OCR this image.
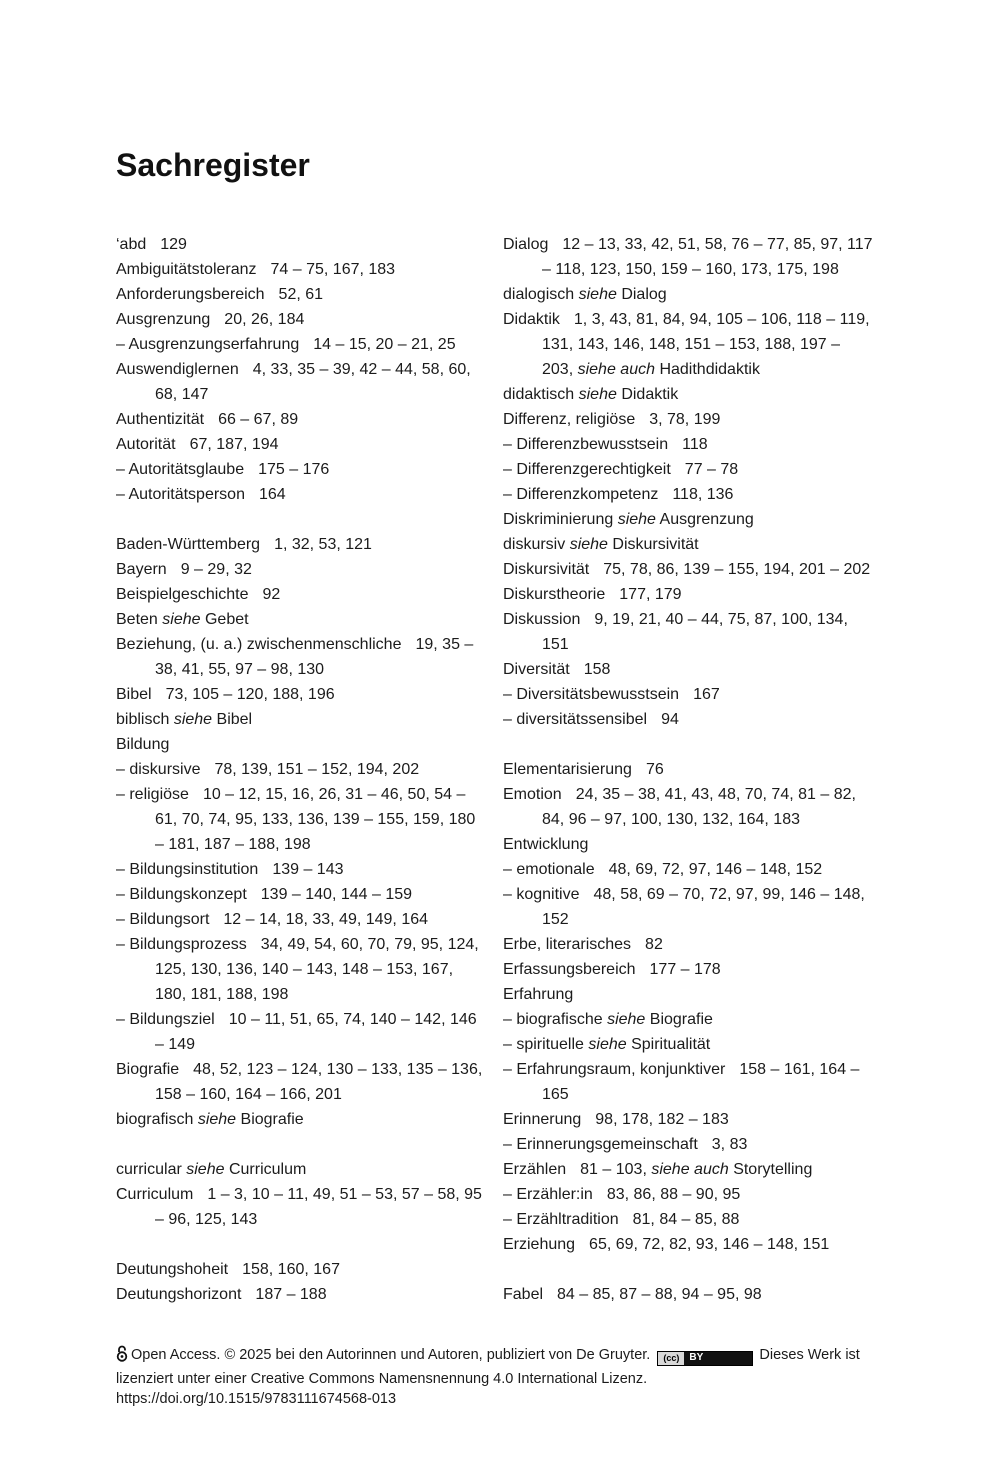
Sachregister

‘abd 129

Ambiguitätstoleranz 74 – 75, 167, 183

Anforderungsbereich 52, 61

Ausgrenzung 20, 26, 184

– Ausgrenzungserfahrung 14 – 15, 20 – 21, 25

Auswendiglernen 4, 33, 35 – 39, 42 – 44, 58, 60, 68, 147

Authentizität 66 – 67, 89

Autorität 67, 187, 194

– Autoritätsglaube 175 – 176

– Autoritätsperson 164

Baden-Württemberg 1, 32, 53, 121

Bayern 9 – 29, 32

Beispielgeschichte 92

Beten siehe Gebet

Beziehung, (u. a.) zwischenmenschliche 19, 35 – 38, 41, 55, 97 – 98, 130

Bibel 73, 105 – 120, 188, 196

biblisch siehe Bibel

Bildung

– diskursive 78, 139, 151 – 152, 194, 202

– religiöse 10 – 12, 15, 16, 26, 31 – 46, 50, 54 – 61, 70, 74, 95, 133, 136, 139 – 155, 159, 180 – 181, 187 – 188, 198

– Bildungsinstitution 139 – 143

– Bildungskonzept 139 – 140, 144 – 159

– Bildungsort 12 – 14, 18, 33, 49, 149, 164

– Bildungsprozess 34, 49, 54, 60, 70, 79, 95, 124, 125, 130, 136, 140 – 143, 148 – 153, 167, 180, 181, 188, 198

– Bildungsziel 10 – 11, 51, 65, 74, 140 – 142, 146 – 149

Biografie 48, 52, 123 – 124, 130 – 133, 135 – 136, 158 – 160, 164 – 166, 201

biografisch siehe Biografie

curricular siehe Curriculum

Curriculum 1 – 3, 10 – 11, 49, 51 – 53, 57 – 58, 95 – 96, 125, 143

Deutungshoheit 158, 160, 167

Deutungshorizont 187 – 188

Dialog 12 – 13, 33, 42, 51, 58, 76 – 77, 85, 97, 117 – 118, 123, 150, 159 – 160, 173, 175, 198

dialogisch siehe Dialog

Didaktik 1, 3, 43, 81, 84, 94, 105 – 106, 118 – 119, 131, 143, 146, 148, 151 – 153, 188, 197 – 203, siehe auch Hadithdidaktik

didaktisch siehe Didaktik

Differenz, religiöse 3, 78, 199

– Differenzbewusstsein 118

– Differenzgerechtigkeit 77 – 78

– Differenzkompetenz 118, 136

Diskriminierung siehe Ausgrenzung

diskursiv siehe Diskursivität

Diskursivität 75, 78, 86, 139 – 155, 194, 201 – 202

Diskurstheorie 177, 179

Diskussion 9, 19, 21, 40 – 44, 75, 87, 100, 134, 151

Diversität 158

– Diversitätsbewusstsein 167

– diversitätssensibel 94

Elementarisierung 76

Emotion 24, 35 – 38, 41, 43, 48, 70, 74, 81 – 82, 84, 96 – 97, 100, 130, 132, 164, 183

Entwicklung

– emotionale 48, 69, 72, 97, 146 – 148, 152

– kognitive 48, 58, 69 – 70, 72, 97, 99, 146 – 148, 152

Erbe, literarisches 82

Erfassungsbereich 177 – 178

Erfahrung

– biografische siehe Biografie

– spirituelle siehe Spiritualität

– Erfahrungsraum, konjunktiver 158 – 161, 164 – 165

Erinnerung 98, 178, 182 – 183

– Erinnerungsgemeinschaft 3, 83

Erzählen 81 – 103, siehe auch Storytelling

– Erzähler:in 83, 86, 88 – 90, 95

– Erzähltradition 81, 84 – 85, 88

Erziehung 65, 69, 72, 82, 93, 146 – 148, 151

Fabel 84 – 85, 87 – 88, 94 – 95, 98

Open Access. © 2025 bei den Autorinnen und Autoren, publiziert von De Gruyter.	(cc)	BY	Dieses Werk ist

lizenziert unter einer Creative Commons Namensnennung 4.0 International Lizenz.

https://doi.org/10.1515/9783111674568-013
